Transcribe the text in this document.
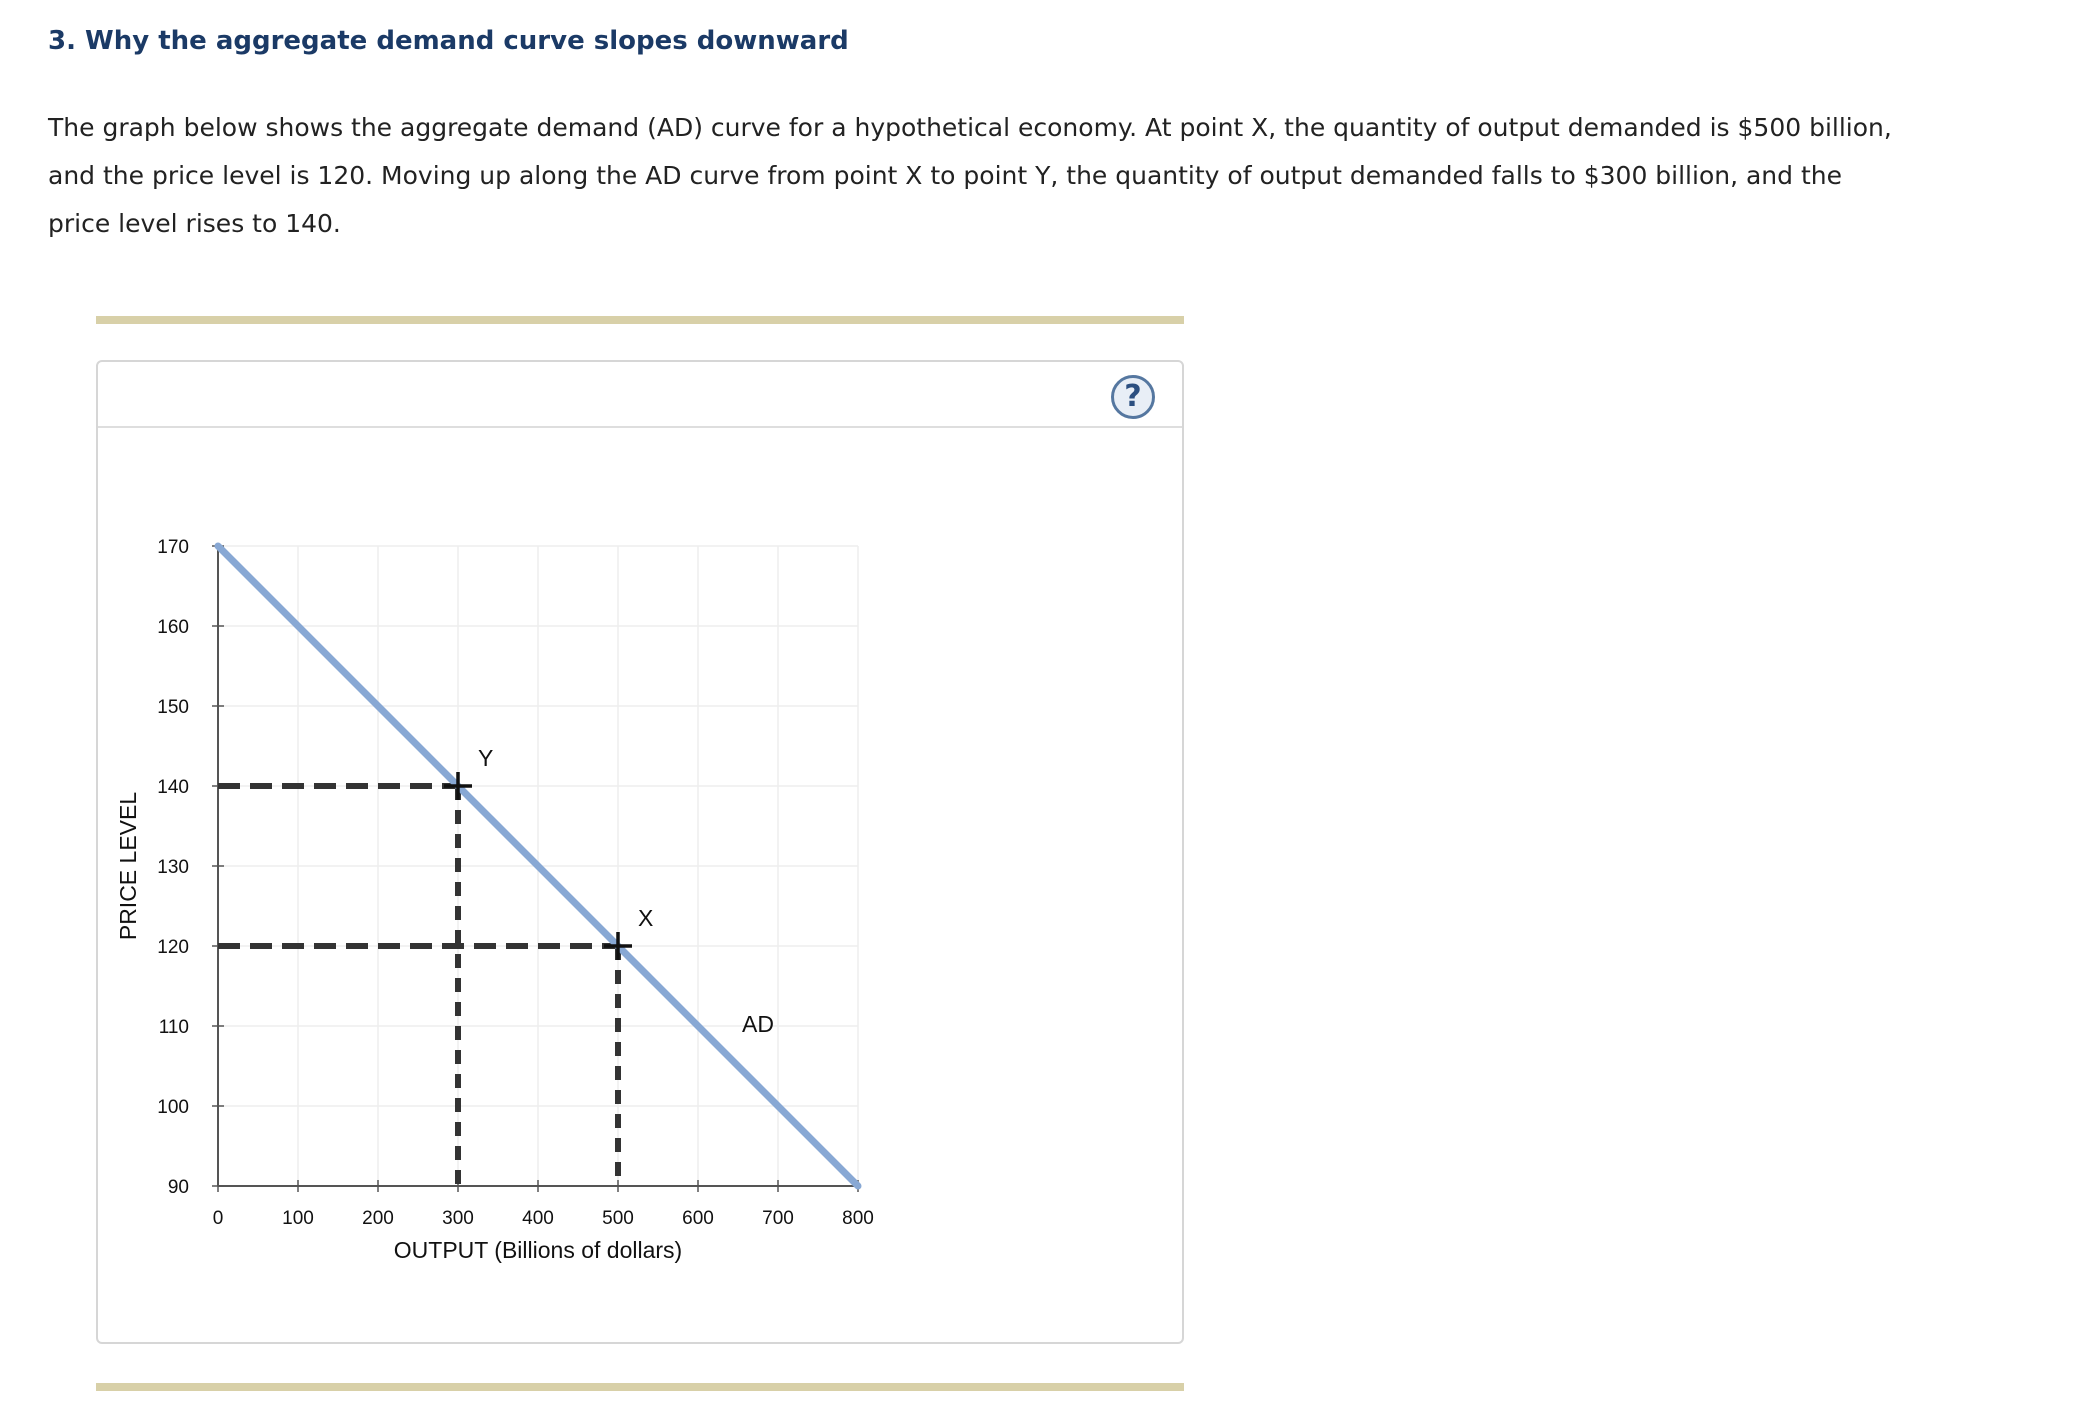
3. Why the aggregate demand curve slopes downward

The graph below shows the aggregate demand (AD) curve for a hypothetical economy. At point X, the quantity of output demanded is $500 billion, and the price level is 120. Moving up along the AD curve from point X to point Y, the quantity of output demanded falls to $300 billion, and the price level rises to 140.

?
0	100	200	300	400	500	600	700	800
90
100
110
120
130
140
150
160
170
OUTPUT (Billions of dollars)
PRICE LEVEL
AD
Y
X
